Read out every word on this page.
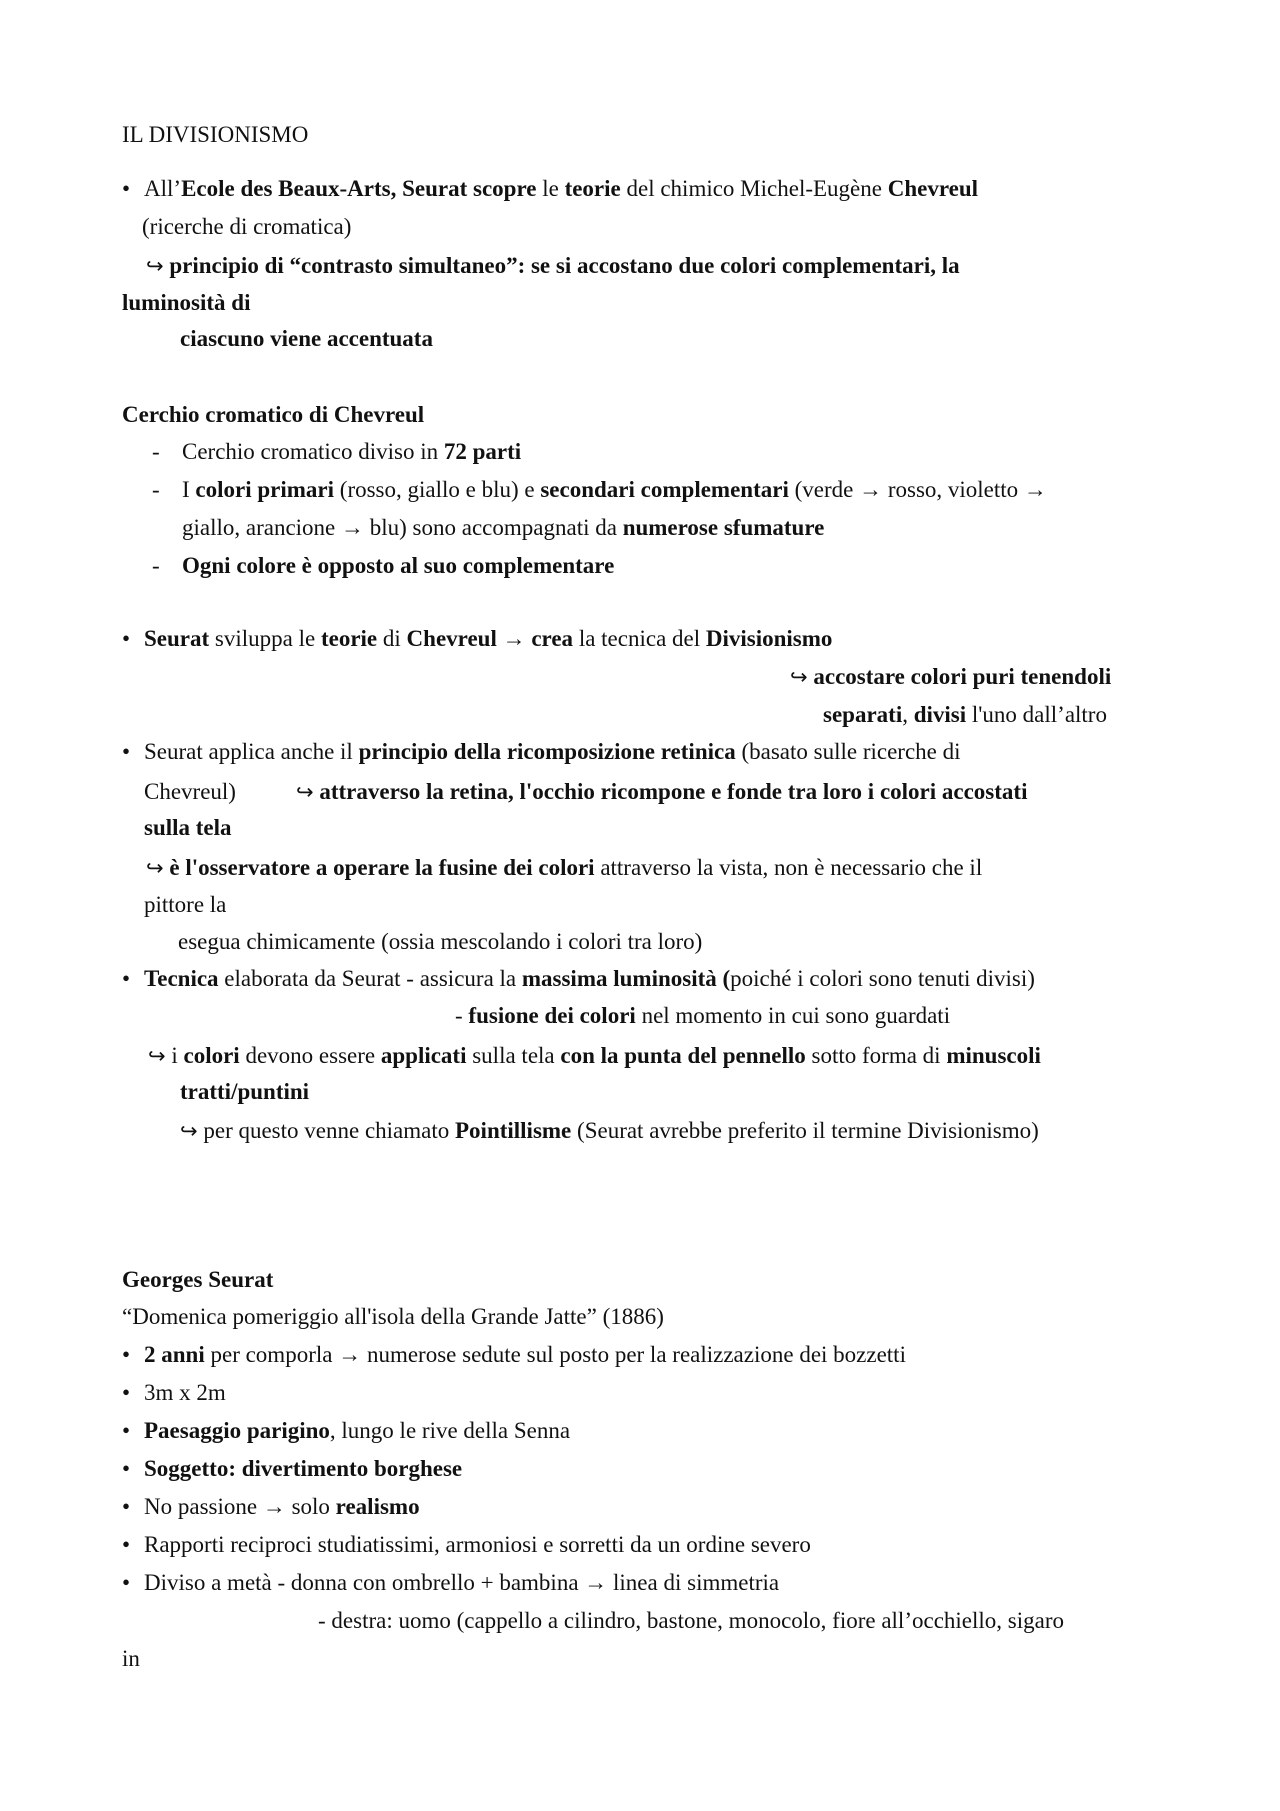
IL DIVISIONISMO

• All’Ecole des Beaux-Arts, Seurat scopre le teorie del chimico Michel-Eugène Chevreul

(ricerche di cromatica)

↪ principio di “contrasto simultaneo”: se si accostano due colori complementari, la

luminosità di

ciascuno viene accentuata

Cerchio cromatico di Chevreul

- Cerchio cromatico diviso in 72 parti

- I colori primari (rosso, giallo e blu) e secondari complementari (verde → rosso, violetto →

giallo, arancione → blu) sono accompagnati da numerose sfumature

- Ogni colore è opposto al suo complementare

• Seurat sviluppa le teorie di Chevreul → crea la tecnica del Divisionismo

↪ accostare colori puri tenendoli

separati, divisi l'uno dall’altro

• Seurat applica anche il principio della ricomposizione retinica (basato sulle ricerche di

Chevreul)	↪ attraverso la retina, l'occhio ricompone e fonde tra loro i colori accostati

sulla tela

↪ è l'osservatore a operare la fusine dei colori attraverso la vista, non è necessario che il

pittore la

esegua chimicamente (ossia mescolando i colori tra loro)

• Tecnica elaborata da Seurat - assicura la massima luminosità (poiché i colori sono tenuti divisi)

- fusione dei colori nel momento in cui sono guardati

↪ i colori devono essere applicati sulla tela con la punta del pennello sotto forma di minuscoli

tratti/puntini

↪ per questo venne chiamato Pointillisme (Seurat avrebbe preferito il termine Divisionismo)

Georges Seurat

“Domenica pomeriggio all'isola della Grande Jatte” (1886)

• 2 anni per comporla → numerose sedute sul posto per la realizzazione dei bozzetti

• 3m x 2m

• Paesaggio parigino, lungo le rive della Senna

• Soggetto: divertimento borghese

• No passione → solo realismo

• Rapporti reciproci studiatissimi, armoniosi e sorretti da un ordine severo

• Diviso a metà - donna con ombrello + bambina → linea di simmetria

- destra: uomo (cappello a cilindro, bastone, monocolo, fiore all’occhiello, sigaro

in
